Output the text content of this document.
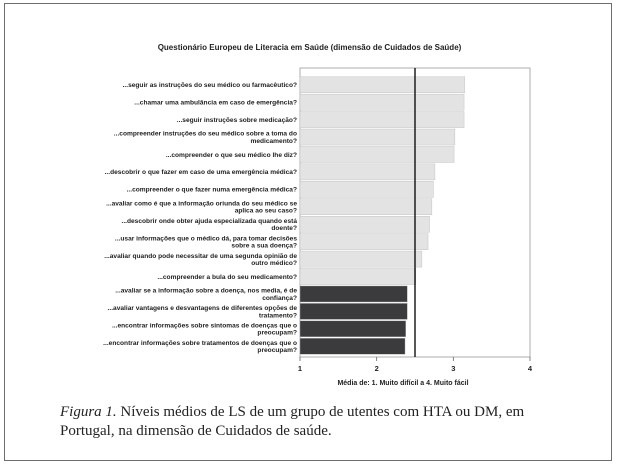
Questionário Europeu de Literacia em Saúde (dimensão de Cuidados de Saúde)
...seguir as instruções do seu médico ou farmacêutico?
...chamar uma ambulância em caso de emergência?
...seguir instruções sobre medicação?
...compreender instruções do seu médico sobre a toma do medicamento?
...compreender o que seu médico lhe diz?
...descobrir o que fazer em caso de uma emergência médica?
...compreender o que fazer numa emergência médica?
...avaliar como é que a informação oriunda do seu médico se aplica ao seu caso?
...descobrir onde obter ajuda especializada quando está doente?
...usar informações que o médico dá, para tomar decisões sobre a sua doença?
...avaliar quando pode necessitar de uma segunda opinião de outro médico?
...compreender a bula do seu medicamento?
...avaliar se a informação sobre a doença, nos media, é de confiança?
...avaliar vantagens e desvantagens de diferentes opções de tratamento?
...encontrar informações sobre sintomas de doenças que o preocupam?
...encontrar informações sobre tratamentos de doenças que o preocupam?
1	2	3	4
Média de: 1. Muito difícil a 4. Muito fácil
Figura 1. Níveis médios de LS de um grupo de utentes com HTA ou DM, em Portugal, na dimensão de Cuidados de saúde.
